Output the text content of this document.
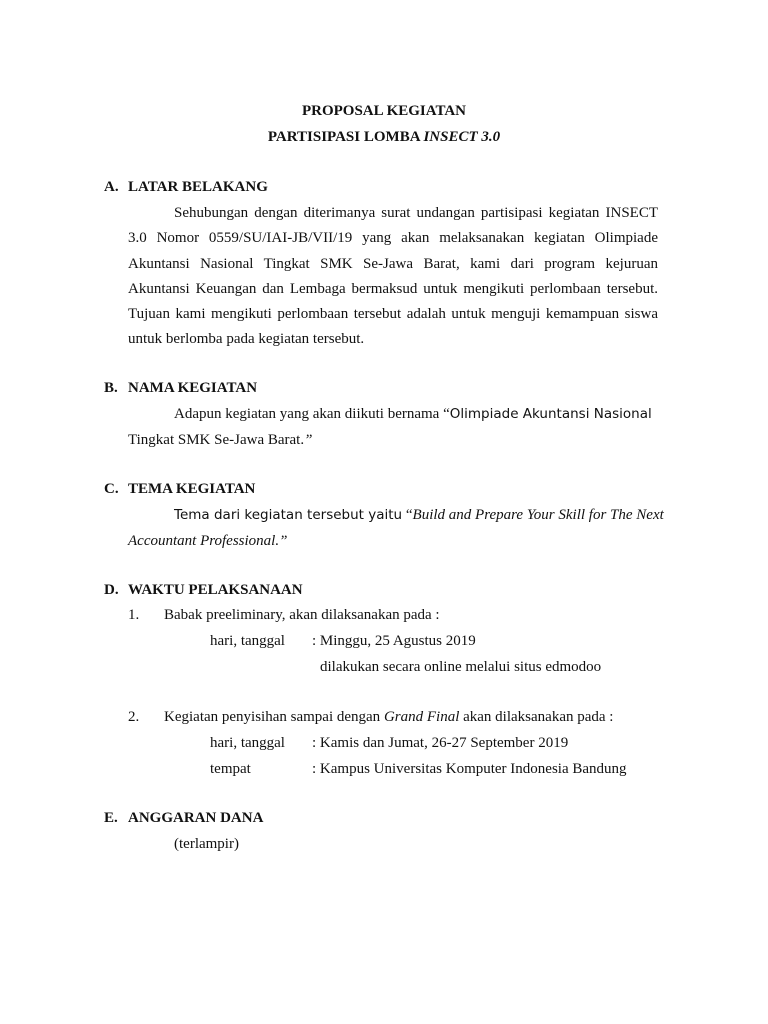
PROPOSAL KEGIATAN
PARTISIPASI LOMBA INSECT 3.0
A. LATAR BELAKANG
Sehubungan dengan diterimanya surat undangan partisipasi kegiatan INSECT 3.0 Nomor 0559/SU/IAI-JB/VII/19 yang akan melaksanakan kegiatan Olimpiade Akuntansi Nasional Tingkat SMK Se-Jawa Barat, kami dari program kejuruan Akuntansi Keuangan dan Lembaga bermaksud untuk mengikuti perlombaan tersebut. Tujuan kami mengikuti perlombaan tersebut adalah untuk menguji kemampuan siswa untuk berlomba pada kegiatan tersebut.
B. NAMA KEGIATAN
Adapun kegiatan yang akan diikuti bernama “Olimpiade Akuntansi Nasional
Tingkat SMK Se-Jawa Barat.”
C. TEMA KEGIATAN
Tema dari kegiatan tersebut yaitu “Build and Prepare Your Skill for The Next
Accountant Professional.”
D. WAKTU PELAKSANAAN
1. Babak preeliminary, akan dilaksanakan pada :
hari, tanggal : Minggu, 25 Agustus 2019
dilakukan secara online melalui situs edmodoo
2. Kegiatan penyisihan sampai dengan Grand Final akan dilaksanakan pada :
hari, tanggal : Kamis dan Jumat, 26-27 September 2019
tempat	: Kampus Universitas Komputer Indonesia Bandung
E. ANGGARAN DANA
(terlampir)
